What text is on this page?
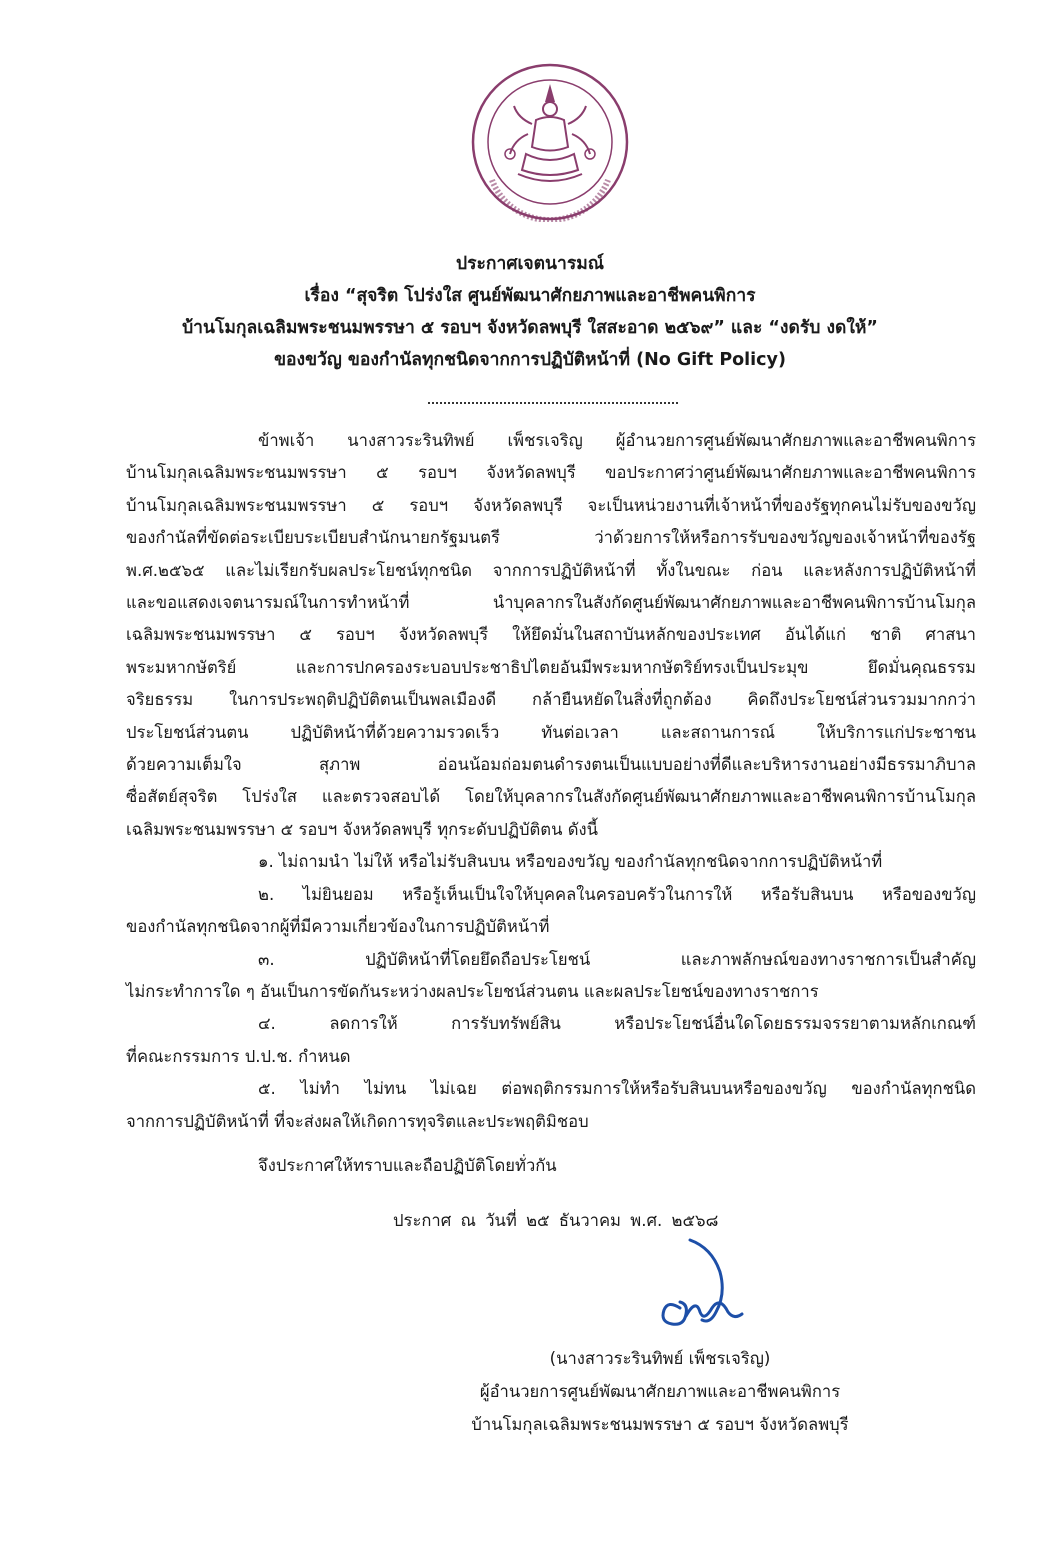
ประกาศเจตนารมณ์
เรื่อง “สุจริต โปร่งใส ศูนย์พัฒนาศักยภาพและอาชีพคนพิการ
บ้านโมกุลเฉลิมพระชนมพรรษา ๕ รอบฯ จังหวัดลพบุรี ใสสะอาด ๒๕๖๙” และ “งดรับ งดให้”
ของขวัญ ของกำนัลทุกชนิดจากการปฏิบัติหน้าที่ (No Gift Policy)
ข้าพเจ้า นางสาวระรินทิพย์ เพ็ชรเจริญ ผู้อำนวยการศูนย์พัฒนาศักยภาพและอาชีพคนพิการ
บ้านโมกุลเฉลิมพระชนมพรรษา ๕ รอบฯ จังหวัดลพบุรี ขอประกาศว่าศูนย์พัฒนาศักยภาพและอาชีพคนพิการ
บ้านโมกุลเฉลิมพระชนมพรรษา ๕ รอบฯ จังหวัดลพบุรี จะเป็นหน่วยงานที่เจ้าหน้าที่ของรัฐทุกคนไม่รับของขวัญ
ของกำนัลที่ขัดต่อระเบียบระเบียบสำนักนายกรัฐมนตรี ว่าด้วยการให้หรือการรับของขวัญของเจ้าหน้าที่ของรัฐ
พ.ศ.๒๕๖๕ และไม่เรียกรับผลประโยชน์ทุกชนิด จากการปฏิบัติหน้าที่ ทั้งในขณะ ก่อน และหลังการปฏิบัติหน้าที่
และขอแสดงเจตนารมณ์ในการทำหน้าที่ นำบุคลากรในสังกัดศูนย์พัฒนาศักยภาพและอาชีพคนพิการบ้านโมกุล
เฉลิมพระชนมพรรษา ๕ รอบฯ จังหวัดลพบุรี ให้ยึดมั่นในสถาบันหลักของประเทศ อันได้แก่ ชาติ ศาสนา
พระมหากษัตริย์ และการปกครองระบอบประชาธิปไตยอันมีพระมหากษัตริย์ทรงเป็นประมุข ยึดมั่นคุณธรรม
จริยธรรม ในการประพฤติปฏิบัติตนเป็นพลเมืองดี กล้ายืนหยัดในสิ่งที่ถูกต้อง คิดถึงประโยชน์ส่วนรวมมากกว่า
ประโยชน์ส่วนตน ปฏิบัติหน้าที่ด้วยความรวดเร็ว ทันต่อเวลา และสถานการณ์ ให้บริการแก่ประชาชน
ด้วยความเต็มใจ สุภาพ อ่อนน้อมถ่อมตนดำรงตนเป็นแบบอย่างที่ดีและบริหารงานอย่างมีธรรมาภิบาล
ซื่อสัตย์สุจริต โปร่งใส และตรวจสอบได้ โดยให้บุคลากรในสังกัดศูนย์พัฒนาศักยภาพและอาชีพคนพิการบ้านโมกุล
เฉลิมพระชนมพรรษา ๕ รอบฯ จังหวัดลพบุรี ทุกระดับปฏิบัติตน ดังนี้
๑. ไม่ถามนำ ไม่ให้ หรือไม่รับสินบน หรือของขวัญ ของกำนัลทุกชนิดจากการปฏิบัติหน้าที่
๒. ไม่ยินยอม หรือรู้เห็นเป็นใจให้บุคคลในครอบครัวในการให้ หรือรับสินบน หรือของขวัญ
ของกำนัลทุกชนิดจากผู้ที่มีความเกี่ยวข้องในการปฏิบัติหน้าที่
๓. ปฏิบัติหน้าที่โดยยึดถือประโยชน์ และภาพลักษณ์ของทางราชการเป็นสำคัญ
ไม่กระทำการใด ๆ อันเป็นการขัดกันระหว่างผลประโยชน์ส่วนตน และผลประโยชน์ของทางราชการ
๔. ลดการให้ การรับทรัพย์สิน หรือประโยชน์อื่นใดโดยธรรมจรรยาตามหลักเกณฑ์
ที่คณะกรรมการ ป.ป.ช. กำหนด
๕. ไม่ทำ ไม่ทน ไม่เฉย ต่อพฤติกรรมการให้หรือรับสินบนหรือของขวัญ ของกำนัลทุกชนิด
จากการปฏิบัติหน้าที่ ที่จะส่งผลให้เกิดการทุจริตและประพฤติมิชอบ
จึงประกาศให้ทราบและถือปฏิบัติโดยทั่วกัน
ประกาศ ณ วันที่ ๒๕ ธันวาคม พ.ศ. ๒๕๖๘
(นางสาวระรินทิพย์ เพ็ชรเจริญ)
ผู้อำนวยการศูนย์พัฒนาศักยภาพและอาชีพคนพิการ
บ้านโมกุลเฉลิมพระชนมพรรษา ๕ รอบฯ จังหวัดลพบุรี
